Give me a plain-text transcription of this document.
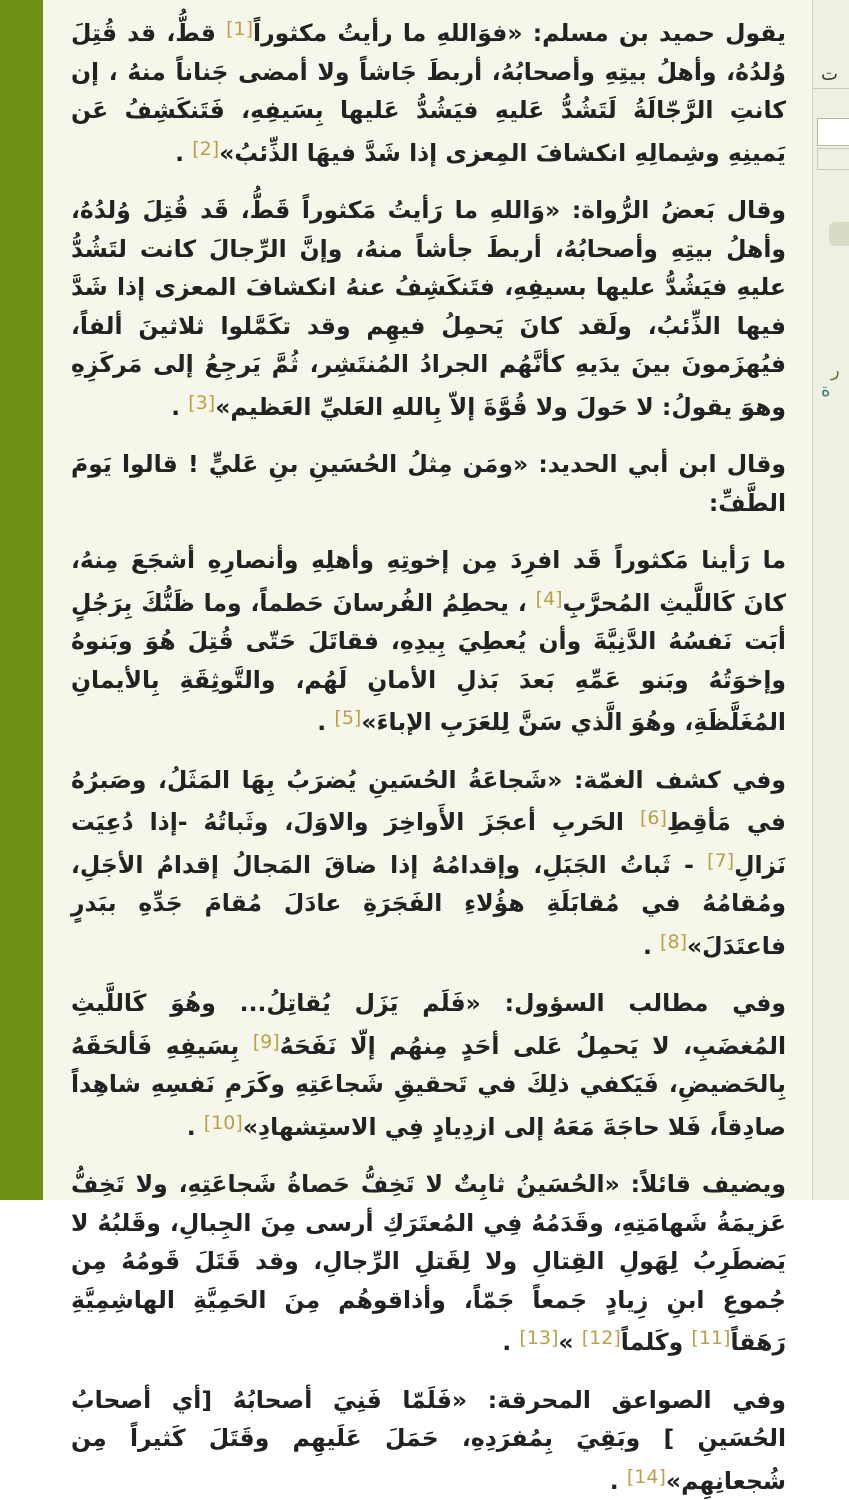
يقول حميد بن مسلم: «فوَاللهِ ما رأيتُ مكثوراً[ $^1$ ] قطُّ، قد قُتِلَ وُلدُهُ، وأهلُ بيتِهِ وأصحابُهُ، أربطَ جَاشاً ولا أمضى جَناناً منهُ ، إن كانتِ الرَّجّالَةُ لَتَشُدُّ عَليهِ فيَشُدُّ عَليها بِسَيفِهِ، فَتَنكَشِفُ عَن يَمينِهِ وشِمالِهِ انكشافَ المِعزى إذا شَدَّ فيهَا الذِّئبُ»[ $^2$ ] .

وقال بَعضُ الرُّواة: «وَاللهِ ما رَأيتُ مَكثوراً قَطُّ، قَد قُتِلَ وُلدُهُ، وأهلُ بيتِهِ وأصحابُهُ، أربطَ جأشاً منهُ، وإنَّ الرِّجالَ كانت لتَشُدُّ عليهِ فيَشُدُّ عليها بسيفِهِ، فتَنكَشِفُ عنهُ انكشافَ المعزى إذا شَدَّ فيها الذِّئبُ، ولَقد كانَ يَحمِلُ فيهِم وقد تكَمَّلوا ثلاثينَ ألفاً، فيُهزَمونَ بينَ يدَيهِ كأنَّهُم الجرادُ المُنتَشِر، ثُمَّ يَرجِعُ إلى مَركَزِهِ وهوَ يقولُ: لا حَولَ ولا قُوَّةَ إلاّ بِاللهِ العَليِّ العَظيم»[ $^3$ ] .

وقال ابن أبي الحديد: «ومَن مِثلُ الحُسَينِ بنِ عَليٍّ ! قالوا يَومَ الطَّفِّ:

ما رَأينا مَكثوراً قَد افرِدَ مِن إخوتِهِ وأهلِهِ وأنصارِهِ أشجَعَ مِنهُ، كانَ كَاللَّيثِ المُحرَّبِ[ $^4$ ] ، يحطِمُ الفُرسانَ حَطماً، وما ظَنُّكَ بِرَجُلٍ أبَت نَفسُهُ الدَّنِيَّةَ وأن يُعطِيَ بِيدِهِ، فقاتَلَ حَتّى قُتِلَ هُوَ وبَنوهُ وإخوَتُهُ وبَنو عَمِّهِ بَعدَ بَذلِ الأمانِ لَهُم، والتَّوثِقَةِ بِالأيمانِ المُغَلَّظَةِ، وهُوَ الَّذي سَنَّ لِلعَرَبِ الإباءَ»[ $^5$ ] .

وفي كشف الغمّة: «شَجاعَةُ الحُسَينِ يُضرَبُ بِهَا المَثَلُ، وصَبرُهُ في مَأقِطِ[ $^6$ ] الحَربِ أعجَزَ الأَواخِرَ والاوَلَ، وثَباتُهُ -إذا دُعِيَت نَزالِ[ $^7$ ] - ثَباتُ الجَبَلِ، وإقدامُهُ إذا ضاقَ المَجالُ إقدامُ الأجَلِ، ومُقامُهُ في مُقابَلَةِ هؤُلاءِ الفَجَرَةِ عادَلَ مُقامَ جَدِّهِ ببَدرٍ فاعتَدَلَ»[ $^8$ ] .

وفي مطالب السؤول: «فَلَم يَزَل يُقاتِلُ... وهُوَ كَاللَّيثِ المُغضَبِ، لا يَحمِلُ عَلى أحَدٍ مِنهُم إلّا نَفَحَهُ[ $^9$ ] بِسَيفِهِ فَألحَقَهُ بِالحَضيضِ، فَيَكفي ذلِكَ في تَحقيقِ شَجاعَتِهِ وكَرَمِ نَفسِهِ شاهِداً صادِقاً، فَلا حاجَةَ مَعَهُ إلى ازدِيادٍ فِي الاستِشهادِ»[ $^{10}$ ] .

ويضيف قائلاً: «الحُسَينُ ثابِتٌ لا تَخِفُّ حَصاةُ شَجاعَتِهِ، ولا تَخِفُّ عَزيمَةُ شَهامَتِهِ، وقَدَمُهُ فِي المُعتَرَكِ أرسى مِنَ الجِبالِ، وقَلبُهُ لا يَضطَرِبُ لِهَولِ القِتالِ ولا لِقَتلِ الرِّجالِ، وقد قَتَلَ قَومُهُ مِن جُموعِ ابنِ زِيادٍ جَمعاً جَمّاً، وأذاقوهُم مِنَ الحَمِيَّةِ الهاشِمِيَّةِ رَهَقاً[ $^{11}$ ] وكَلماً[ $^{12}$ ] »[ $^{13}$ ] .

وفي الصواعق المحرقة: «فَلَمّا فَنِيَ أصحابُهُ [أي أصحابُ الحُسَينِ ] وبَقِيَ بِمُفرَدِهِ، حَمَلَ عَلَيهِم وقَتَلَ كَثيراً مِن شُجعانِهِم»[ $^{14}$ ] .

ت
ر
ة
